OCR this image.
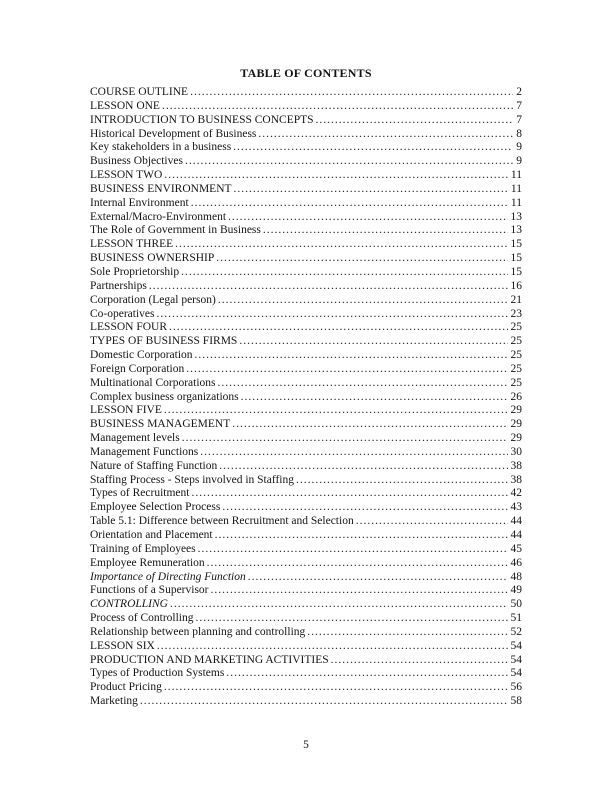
TABLE OF CONTENTS
COURSE OUTLINE .....	2
LESSON ONE .....	7
INTRODUCTION TO BUSINESS CONCEPTS .....	7
Historical Development of Business .....	8
Key stakeholders in a business .....	9
Business Objectives .....	9
LESSON TWO .....	11
BUSINESS ENVIRONMENT .....	11
Internal Environment .....	11
External/Macro-Environment .....	13
The Role of Government in Business .....	13
LESSON THREE .....	15
BUSINESS OWNERSHIP .....	15
Sole Proprietorship .....	15
Partnerships .....	16
Corporation (Legal person) .....	21
Co-operatives .....	23
LESSON FOUR .....	25
TYPES OF BUSINESS FIRMS .....	25
Domestic Corporation .....	25
Foreign Corporation .....	25
Multinational Corporations .....	25
Complex business organizations .....	26
LESSON FIVE .....	29
BUSINESS MANAGEMENT .....	29
Management levels .....	29
Management Functions .....	30
Nature of Staffing Function .....	38
Staffing Process - Steps involved in Staffing .....	38
Types of Recruitment .....	42
Employee Selection Process .....	43
Table 5.1: Difference between Recruitment and Selection .....	44
Orientation and Placement .....	44
Training of Employees .....	45
Employee Remuneration .....	46
Importance of Directing Function .....	48
Functions of a Supervisor .....	49
CONTROLLING .....	50
Process of Controlling .....	51
Relationship between planning and controlling .....	52
LESSON SIX .....	54
PRODUCTION AND MARKETING ACTIVITIES .....	54
Types of Production Systems .....	54
Product Pricing .....	56
Marketing .....	58
5
